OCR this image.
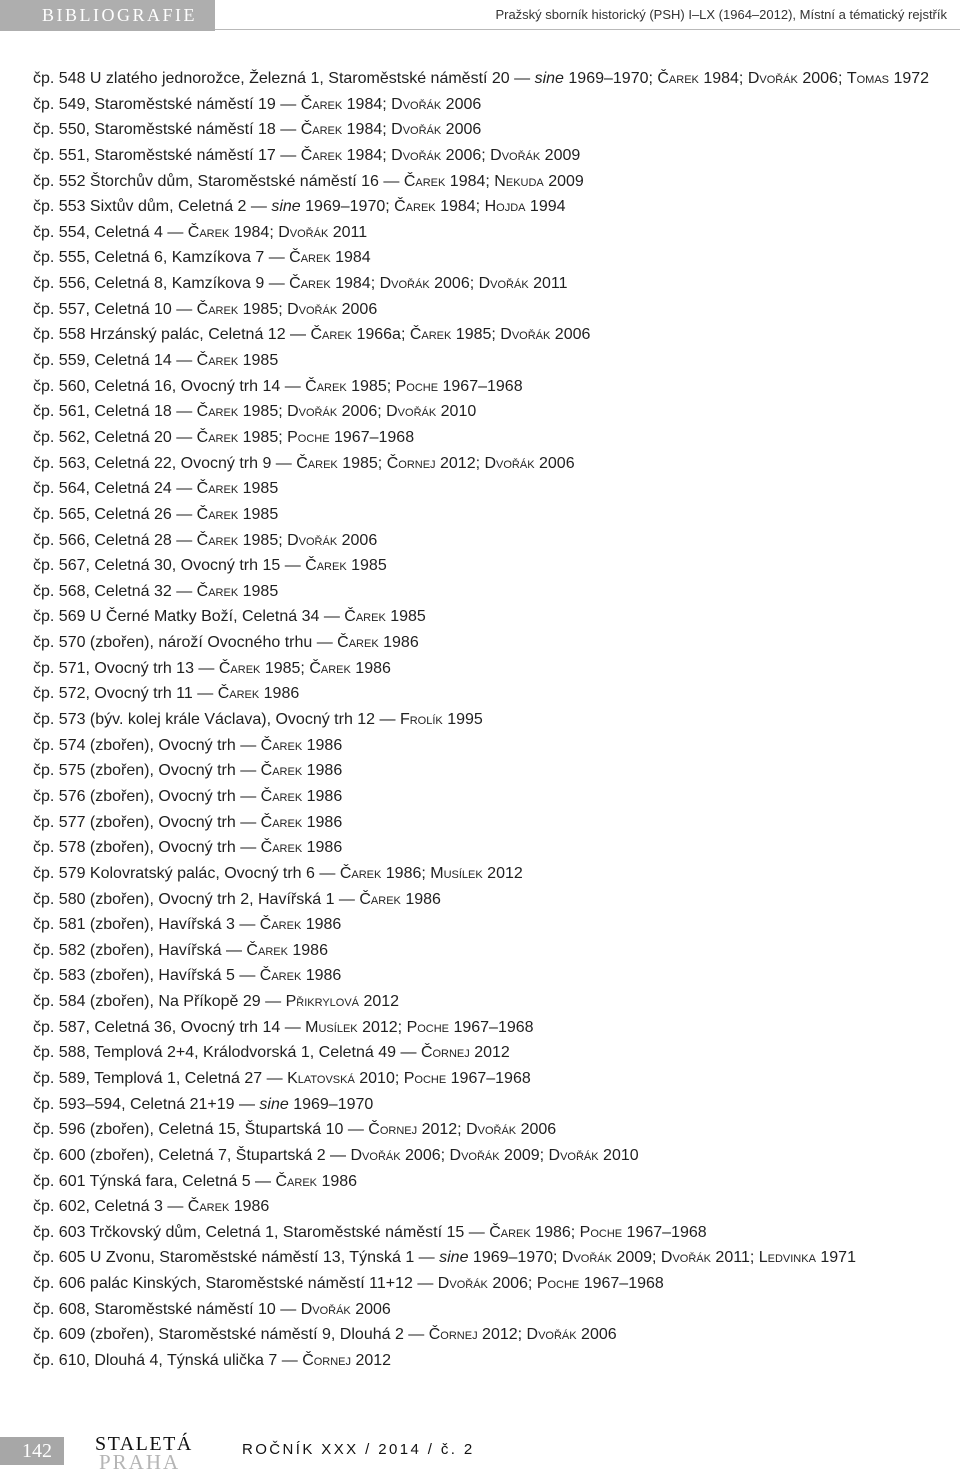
BIBLIOGRAFIE	Pražský sborník historický (PSH) I–LX (1964–2012), Místní a tématický rejstřík
čp. 548 U zlatého jednorožce, Železná 1, Staroměstské náměstí 20 — sine 1969–1970; Čarek 1984; Dvořák 2006; Tomas 1972
čp. 549, Staroměstské náměstí 19 — Čarek 1984; Dvořák 2006
čp. 550, Staroměstské náměstí 18 — Čarek 1984; Dvořák 2006
čp. 551, Staroměstské náměstí 17 — Čarek 1984; Dvořák 2006; Dvořák 2009
čp. 552 Štorchův dům, Staroměstské náměstí 16 — Čarek 1984; Nekuda 2009
čp. 553 Sixtův dům, Celetná 2 — sine 1969–1970; Čarek 1984; Hojda 1994
čp. 554, Celetná 4 — Čarek 1984; Dvořák 2011
čp. 555, Celetná 6, Kamzíkova 7 — Čarek 1984
čp. 556, Celetná 8, Kamzíkova 9 — Čarek 1984; Dvořák 2006; Dvořák 2011
čp. 557, Celetná 10 — Čarek 1985; Dvořák 2006
čp. 558 Hrzánský palác, Celetná 12 — Čarek 1966a; Čarek 1985; Dvořák 2006
čp. 559, Celetná 14 — Čarek 1985
čp. 560, Celetná 16, Ovocný trh 14 — Čarek 1985; Poche 1967–1968
čp. 561, Celetná 18 — Čarek 1985; Dvořák 2006; Dvořák 2010
čp. 562, Celetná 20 — Čarek 1985; Poche 1967–1968
čp. 563, Celetná 22, Ovocný trh 9 — Čarek 1985; Čornej 2012; Dvořák 2006
čp. 564, Celetná 24 — Čarek 1985
čp. 565, Celetná 26 — Čarek 1985
čp. 566, Celetná 28 — Čarek 1985; Dvořák 2006
čp. 567, Celetná 30, Ovocný trh 15 — Čarek 1985
čp. 568, Celetná 32 — Čarek 1985
čp. 569 U Černé Matky Boží, Celetná 34 — Čarek 1985
čp. 570 (zbořen), nároží Ovocného trhu — Čarek 1986
čp. 571, Ovocný trh 13 — Čarek 1985; Čarek 1986
čp. 572, Ovocný trh 11 — Čarek 1986
čp. 573 (býv. kolej krále Václava), Ovocný trh 12 — Frolík 1995
čp. 574 (zbořen), Ovocný trh — Čarek 1986
čp. 575 (zbořen), Ovocný trh — Čarek 1986
čp. 576 (zbořen), Ovocný trh — Čarek 1986
čp. 577 (zbořen), Ovocný trh — Čarek 1986
čp. 578 (zbořen), Ovocný trh — Čarek 1986
čp. 579 Kolovratský palác, Ovocný trh 6 — Čarek 1986; Musílek 2012
čp. 580 (zbořen), Ovocný trh 2, Havířská 1 — Čarek 1986
čp. 581 (zbořen), Havířská 3 — Čarek 1986
čp. 582 (zbořen), Havířská — Čarek 1986
čp. 583 (zbořen), Havířská 5 — Čarek 1986
čp. 584 (zbořen), Na Příkopě 29 — Přikrylová 2012
čp. 587, Celetná 36, Ovocný trh 14 — Musílek 2012; Poche 1967–1968
čp. 588, Templová 2+4, Králodvorská 1, Celetná 49 — Čornej 2012
čp. 589, Templová 1, Celetná 27 — Klatovská 2010; Poche 1967–1968
čp. 593–594, Celetná 21+19 — sine 1969–1970
čp. 596 (zbořen), Celetná 15, Štupartská 10 — Čornej 2012; Dvořák 2006
čp. 600 (zbořen), Celetná 7, Štupartská 2 — Dvořák 2006; Dvořák 2009; Dvořák 2010
čp. 601 Týnská fara, Celetná 5 — Čarek 1986
čp. 602, Celetná 3 — Čarek 1986
čp. 603 Trčkovský dům, Celetná 1, Staroměstské náměstí 15 — Čarek 1986; Poche 1967–1968
čp. 605 U Zvonu, Staroměstské náměstí 13, Týnská 1 — sine 1969–1970; Dvořák 2009; Dvořák 2011; Ledvinka 1971
čp. 606 palác Kinských, Staroměstské náměstí 11+12 — Dvořák 2006; Poche 1967–1968
čp. 608, Staroměstské náměstí 10 — Dvořák 2006
čp. 609 (zbořen), Staroměstské náměstí 9, Dlouhá 2 — Čornej 2012; Dvořák 2006
čp. 610, Dlouhá 4, Týnská ulička 7 — Čornej 2012
142	STALETÁ
PRAHA
ROČNÍK XXX / 2014 / č. 2
